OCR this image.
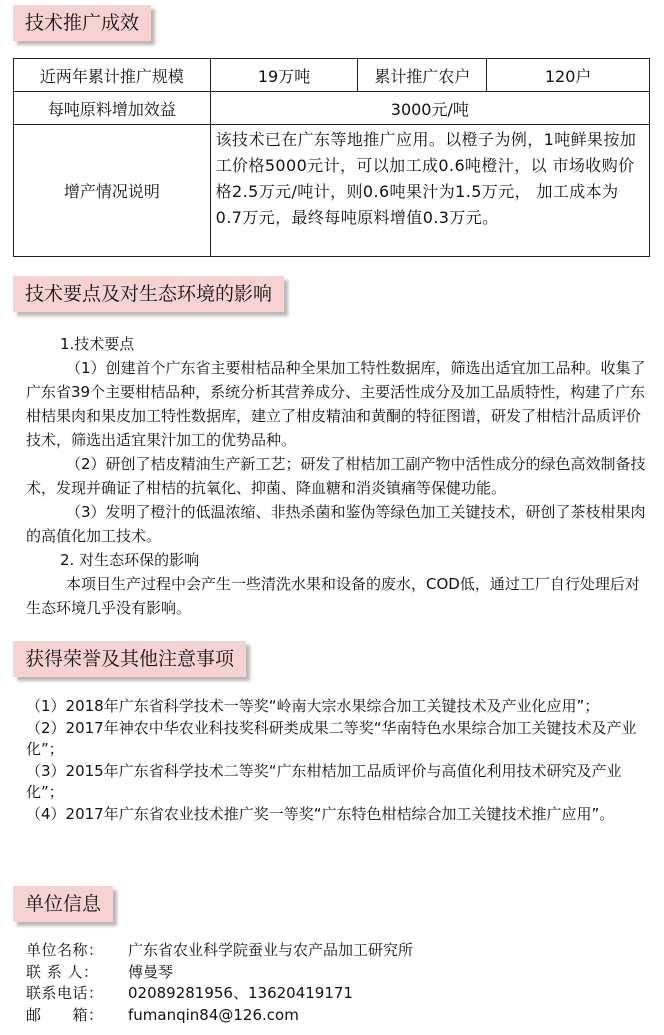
技术推广成效
近两年累计推广规模	19万吨	累计推广农户	120户
每吨原料增加效益	3000元/吨		
增产情况说明	该技术已在广东等地推广应用。以橙子为例，1吨鲜果按加工价格5000元计，可以加工成0.6吨橙汁，以 市场收购价格2.5万元/吨计，则0.6吨果汁为1.5万元， 加工成本为0.7万元，最终每吨原料增值0.3万元。		
技术要点及对生态环境的影响

1.技术要点

（1）创建首个广东省主要柑桔品种全果加工特性数据库，筛选出适宜加工品种。收集了广东省39个主要柑桔品种，系统分析其营养成分、主要活性成分及加工品质特性，构建了广东柑桔果肉和果皮加工特性数据库，建立了柑皮精油和黄酮的特征图谱，研发了柑桔汁品质评价技术，筛选出适宜果汁加工的优势品种。

（2）研创了桔皮精油生产新工艺；研发了柑桔加工副产物中活性成分的绿色高效制备技术，发现并确证了柑桔的抗氧化、抑菌、降血糖和消炎镇痛等保健功能。

（3）发明了橙汁的低温浓缩、非热杀菌和鉴伪等绿色加工关键技术，研创了茶枝柑果肉的高值化加工技术。

2. 对生态环保的影响

本项目生产过程中会产生一些清洗水果和设备的废水，COD低，通过工厂自行处理后对生态环境几乎没有影响。

获得荣誉及其他注意事项

（1）2018年广东省科学技术一等奖“岭南大宗水果综合加工关键技术及产业化应用”；

（2）2017年神农中华农业科技奖科研类成果二等奖“华南特色水果综合加工关键技术及产业化”；

（3）2015年广东省科学技术二等奖“广东柑桔加工品质评价与高值化利用技术研究及产业化”；

（4）2017年广东省农业技术推广奖一等奖“广东特色柑桔综合加工关键技术推广应用”。

单位信息
单位名称：	广东省农业科学院蚕业与农产品加工研究所
联 系 人：	傅曼琴
联系电话：	02089281956、13620419171
邮　　箱：	fumanqin84@126.com
